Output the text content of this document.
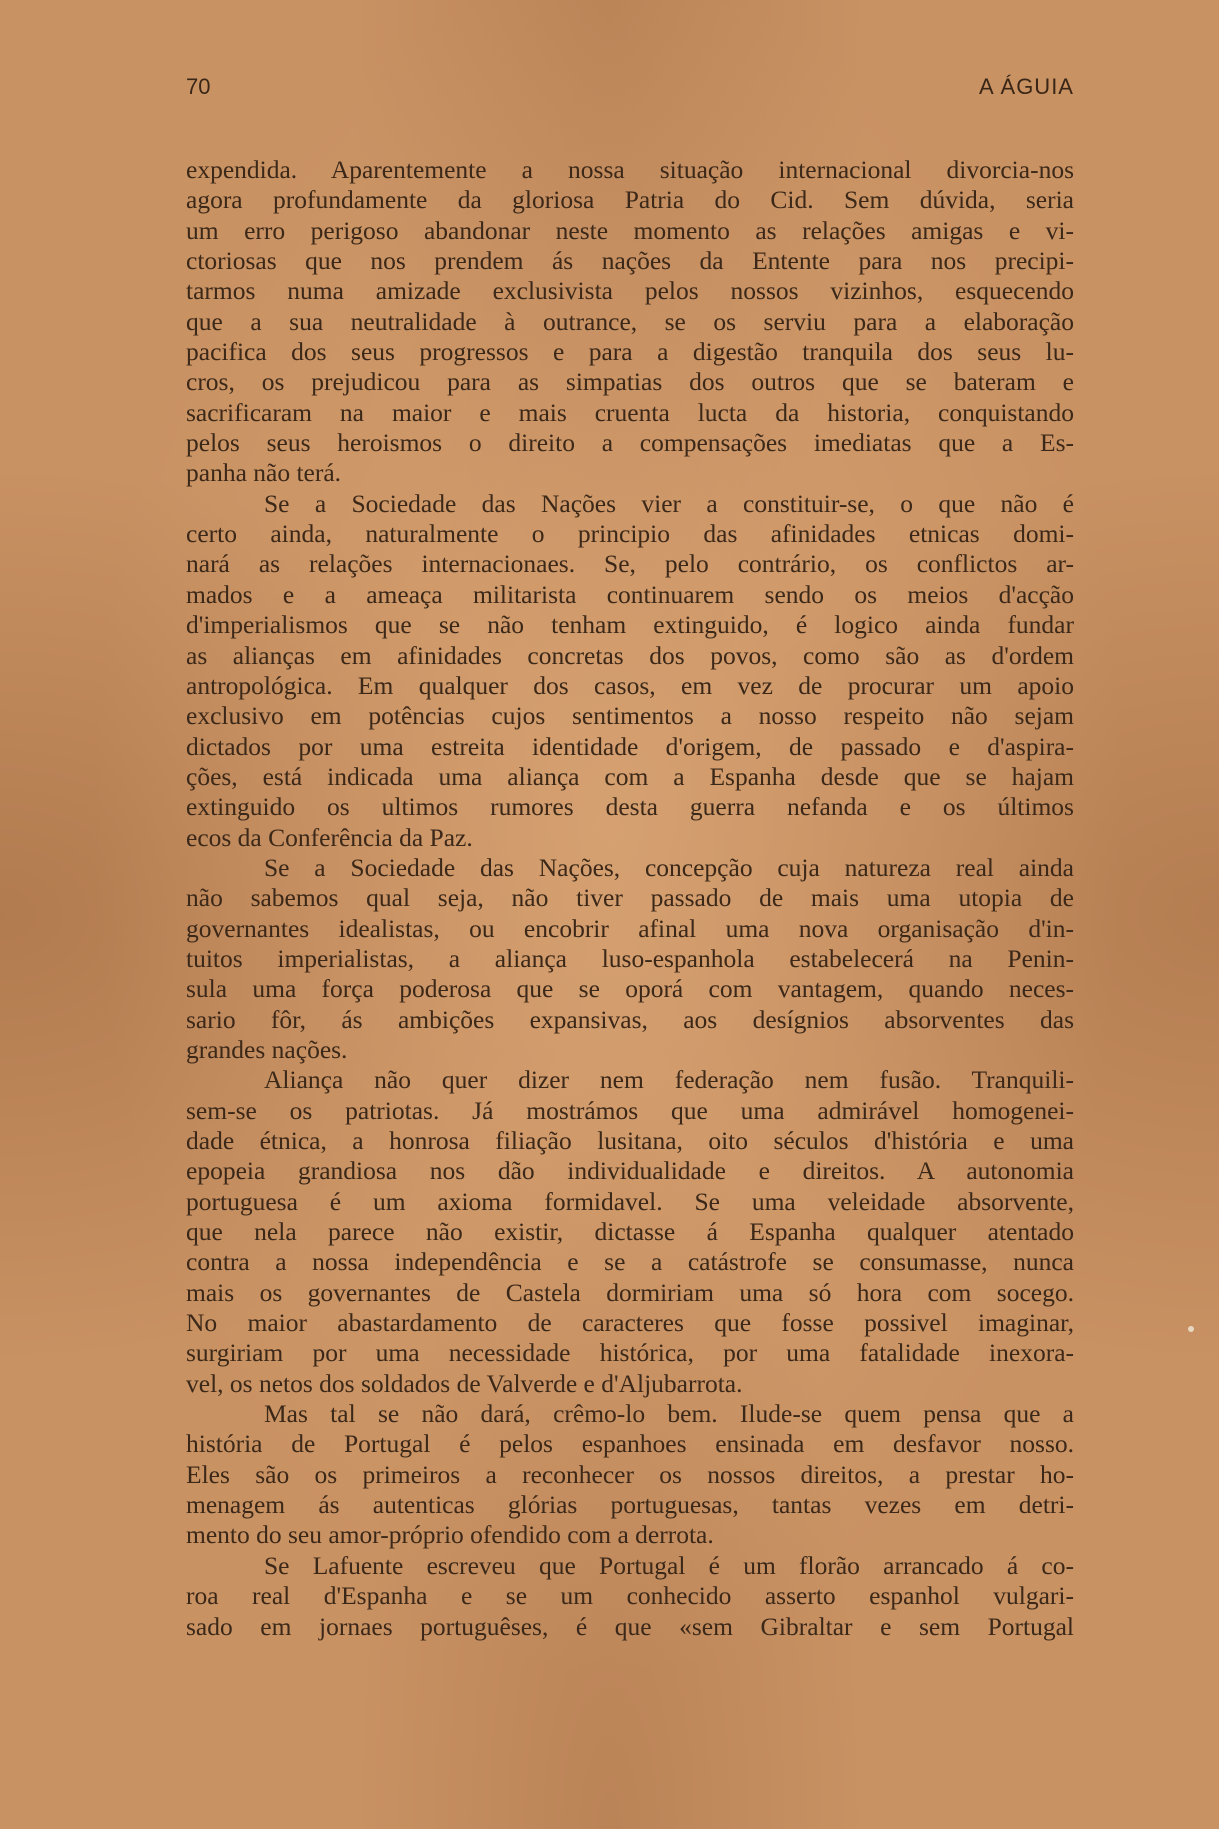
70	A ÁGUIA
expendida. Aparentemente a nossa situação internacional divorcia-nos
agora profundamente da gloriosa Patria do Cid. Sem dúvida, seria
um erro perigoso abandonar neste momento as relações amigas e vi-
ctoriosas que nos prendem ás nações da Entente para nos precipi-
tarmos numa amizade exclusivista pelos nossos vizinhos, esquecendo
que a sua neutralidade à outrance, se os serviu para a elaboração
pacifica dos seus progressos e para a digestão tranquila dos seus lu-
cros, os prejudicou para as simpatias dos outros que se bateram e
sacrificaram na maior e mais cruenta lucta da historia, conquistando
pelos seus heroismos o direito a compensações imediatas que a Es-
panha não terá.
Se a Sociedade das Nações vier a constituir-se, o que não é
certo ainda, naturalmente o principio das afinidades etnicas domi-
nará as relações internacionaes. Se, pelo contrário, os conflictos ar-
mados e a ameaça militarista continuarem sendo os meios d'acção
d'imperialismos que se não tenham extinguido, é logico ainda fundar
as alianças em afinidades concretas dos povos, como são as d'ordem
antropológica. Em qualquer dos casos, em vez de procurar um apoio
exclusivo em potências cujos sentimentos a nosso respeito não sejam
dictados por uma estreita identidade d'origem, de passado e d'aspira-
ções, está indicada uma aliança com a Espanha desde que se hajam
extinguido os ultimos rumores desta guerra nefanda e os últimos
ecos da Conferência da Paz.
Se a Sociedade das Nações, concepção cuja natureza real ainda
não sabemos qual seja, não tiver passado de mais uma utopia de
governantes idealistas, ou encobrir afinal uma nova organisação d'in-
tuitos imperialistas, a aliança luso-espanhola estabelecerá na Penin-
sula uma força poderosa que se oporá com vantagem, quando neces-
sario fôr, ás ambições expansivas, aos desígnios absorventes das
grandes nações.
Aliança não quer dizer nem federação nem fusão. Tranquili-
sem-se os patriotas. Já mostrámos que uma admirável homogenei-
dade étnica, a honrosa filiação lusitana, oito séculos d'história e uma
epopeia grandiosa nos dão individualidade e direitos. A autonomia
portuguesa é um axioma formidavel. Se uma veleidade absorvente,
que nela parece não existir, dictasse á Espanha qualquer atentado
contra a nossa independência e se a catástrofe se consumasse, nunca
mais os governantes de Castela dormiriam uma só hora com socego.
No maior abastardamento de caracteres que fosse possivel imaginar,
surgiriam por uma necessidade histórica, por uma fatalidade inexora-
vel, os netos dos soldados de Valverde e d'Aljubarrota.
Mas tal se não dará, crêmo-lo bem. Ilude-se quem pensa que a
história de Portugal é pelos espanhoes ensinada em desfavor nosso.
Eles são os primeiros a reconhecer os nossos direitos, a prestar ho-
menagem ás autenticas glórias portuguesas, tantas vezes em detri-
mento do seu amor-próprio ofendido com a derrota.
Se Lafuente escreveu que Portugal é um florão arrancado á co-
roa real d'Espanha e se um conhecido asserto espanhol vulgari-
sado em jornaes portuguêses, é que «sem Gibraltar e sem Portugal
